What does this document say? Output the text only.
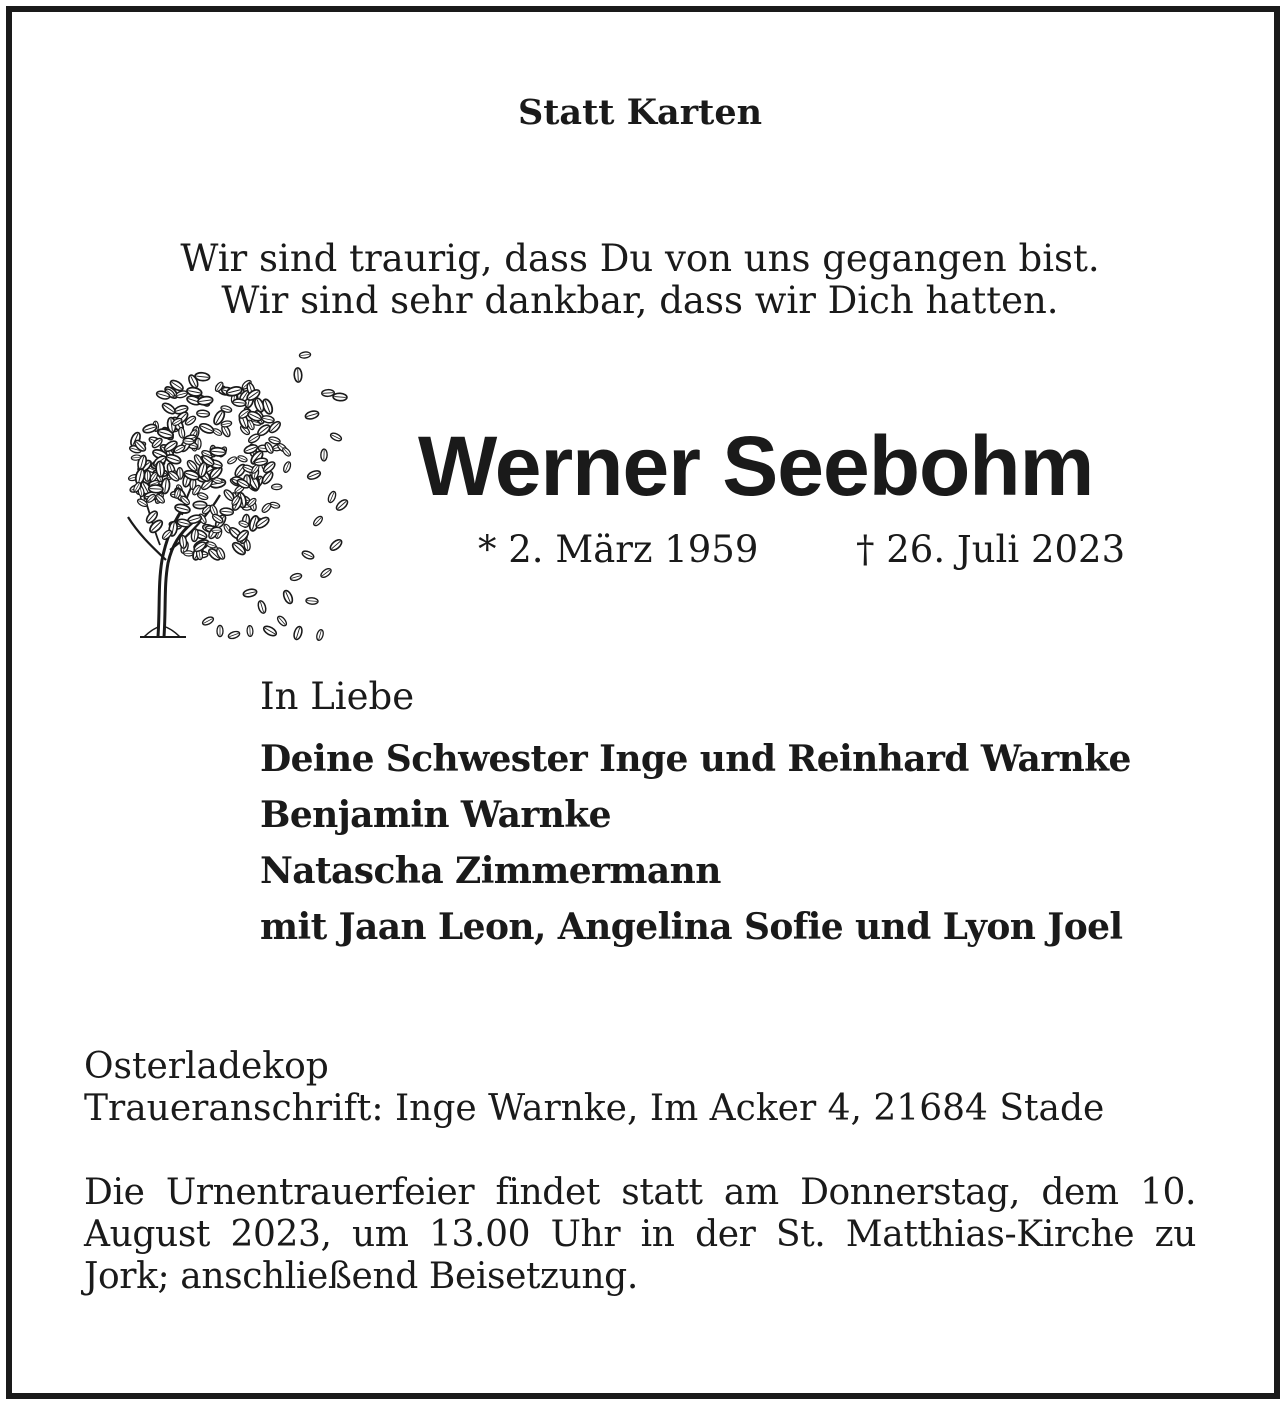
Statt Karten
Wir sind traurig, dass Du von uns gegangen bist.
Wir sind sehr dankbar, dass wir Dich hatten.
Werner Seebohm
* 2. März 1959	† 26. Juli 2023
In Liebe
Deine Schwester Inge und Reinhard Warnke
Benjamin Warnke
Natascha Zimmermann
mit Jaan Leon, Angelina Sofie und Lyon Joel
Osterladekop
Traueranschrift: Inge Warnke, Im Acker 4, 21684 Stade
Die Urnentrauerfeier findet statt am Donnerstag, dem 10. August 2023, um 13.00 Uhr in der St. Matthias-Kirche zu Jork; anschließend Beisetzung.
